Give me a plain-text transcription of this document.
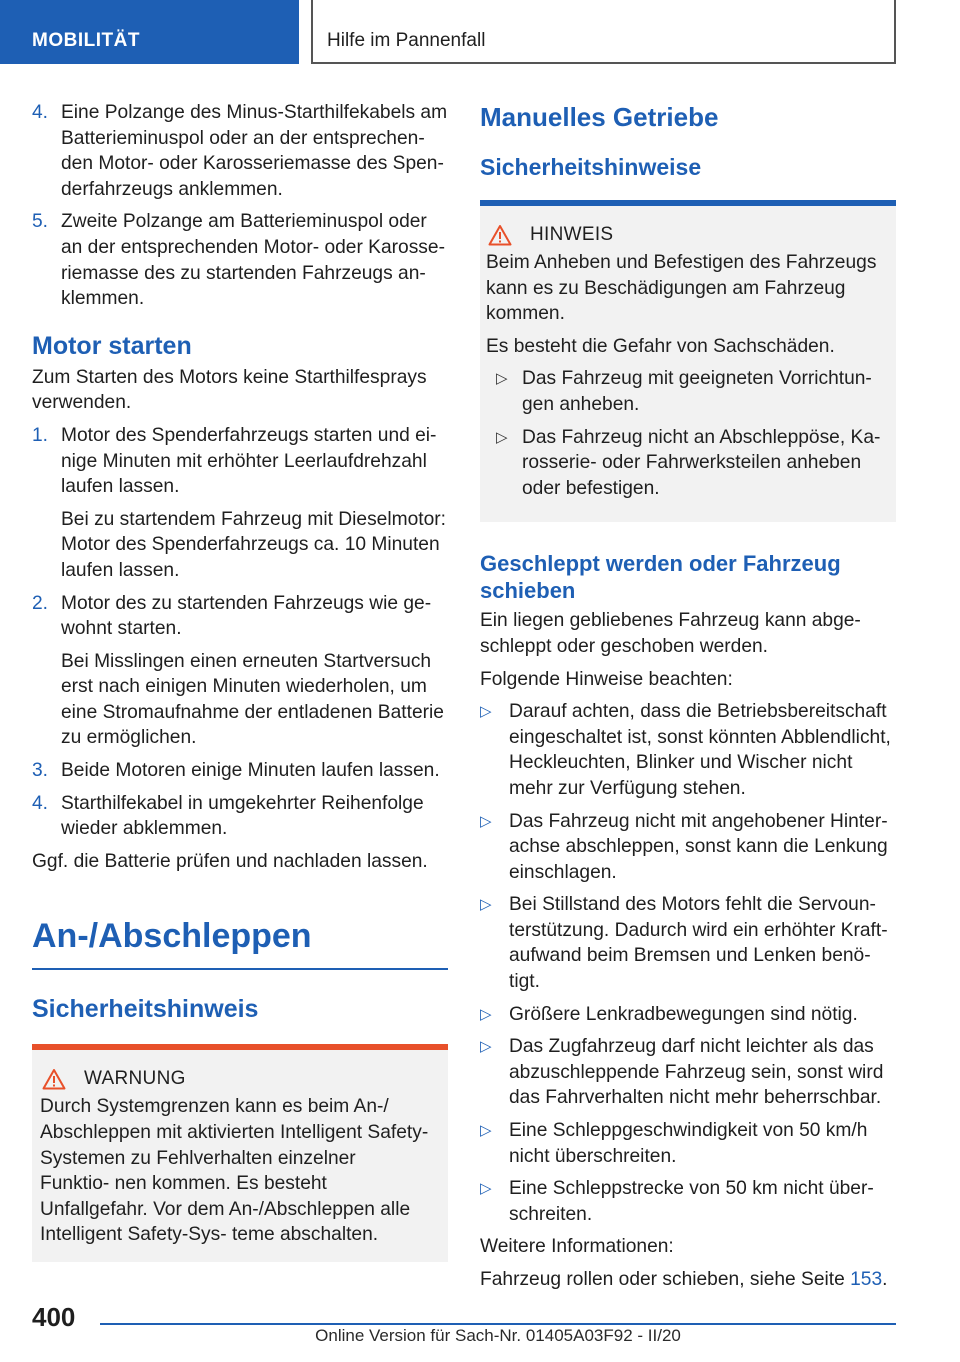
MOBILITÄT	Hilfe im Pannenfall
4. Eine Polzange des Minus-Starthilfekabels am Batterieminuspol oder an der entsprechen- den Motor- oder Karosseriemasse des Spen- derfahrzeugs anklemmen.

5. Zweite Polzange am Batterieminuspol oder an der entsprechenden Motor- oder Karosse- riemasse des zu startenden Fahrzeugs an- klemmen.

Motor starten

Zum Starten des Motors keine Starthilfesprays verwenden.

1. Motor des Spenderfahrzeugs starten und ei- nige Minuten mit erhöhter Leerlaufdrehzahl laufen lassen.

Bei zu startendem Fahrzeug mit Dieselmotor: Motor des Spenderfahrzeugs ca. 10 Minuten laufen lassen.

2. Motor des zu startenden Fahrzeugs wie ge- wohnt starten.

Bei Misslingen einen erneuten Startversuch erst nach einigen Minuten wiederholen, um eine Stromaufnahme der entladenen Batterie zu ermöglichen.

3. Beide Motoren einige Minuten laufen lassen.

4. Starthilfekabel in umgekehrter Reihenfolge wieder abklemmen.

Ggf. die Batterie prüfen und nachladen lassen.

An-/Abschleppen
Sicherheitshinweis
WARNUNG

Durch Systemgrenzen kann es beim An-/ Abschleppen mit aktivierten Intelligent Safety- Systemen zu Fehlverhalten einzelner Funktio- nen kommen. Es besteht Unfallgefahr. Vor dem An-/Abschleppen alle Intelligent Safety-Sys- teme abschalten.

Manuelles Getriebe
Sicherheitshinweise
HINWEIS

Beim Anheben und Befestigen des Fahrzeugs kann es zu Beschädigungen am Fahrzeug kommen.

Es besteht die Gefahr von Sachschäden.

▷ Das Fahrzeug mit geeigneten Vorrichtun- gen anheben.
▷ Das Fahrzeug nicht an Abschleppöse, Ka- rosserie- oder Fahrwerksteilen anheben oder befestigen.
Geschleppt werden oder Fahrzeug schieben

Ein liegen gebliebenes Fahrzeug kann abge- schleppt oder geschoben werden.

Folgende Hinweise beachten:

▷ Darauf achten, dass die Betriebsbereitschaft eingeschaltet ist, sonst könnten Abblendlicht, Heckleuchten, Blinker und Wischer nicht mehr zur Verfügung stehen.
▷ Das Fahrzeug nicht mit angehobener Hinter- achse abschleppen, sonst kann die Lenkung einschlagen.
▷ Bei Stillstand des Motors fehlt die Servoun- terstützung. Dadurch wird ein erhöhter Kraft- aufwand beim Bremsen und Lenken benö- tigt.
▷ Größere Lenkradbewegungen sind nötig.
▷ Das Zugfahrzeug darf nicht leichter als das abzuschleppende Fahrzeug sein, sonst wird das Fahrverhalten nicht mehr beherrschbar.
▷ Eine Schleppgeschwindigkeit von 50 km/h nicht überschreiten.
▷ Eine Schleppstrecke von 50 km nicht über- schreiten.

Weitere Informationen:

Fahrzeug rollen oder schieben, siehe Seite 153.

400
Online Version für Sach-Nr. 01405A03F92 - II/20
